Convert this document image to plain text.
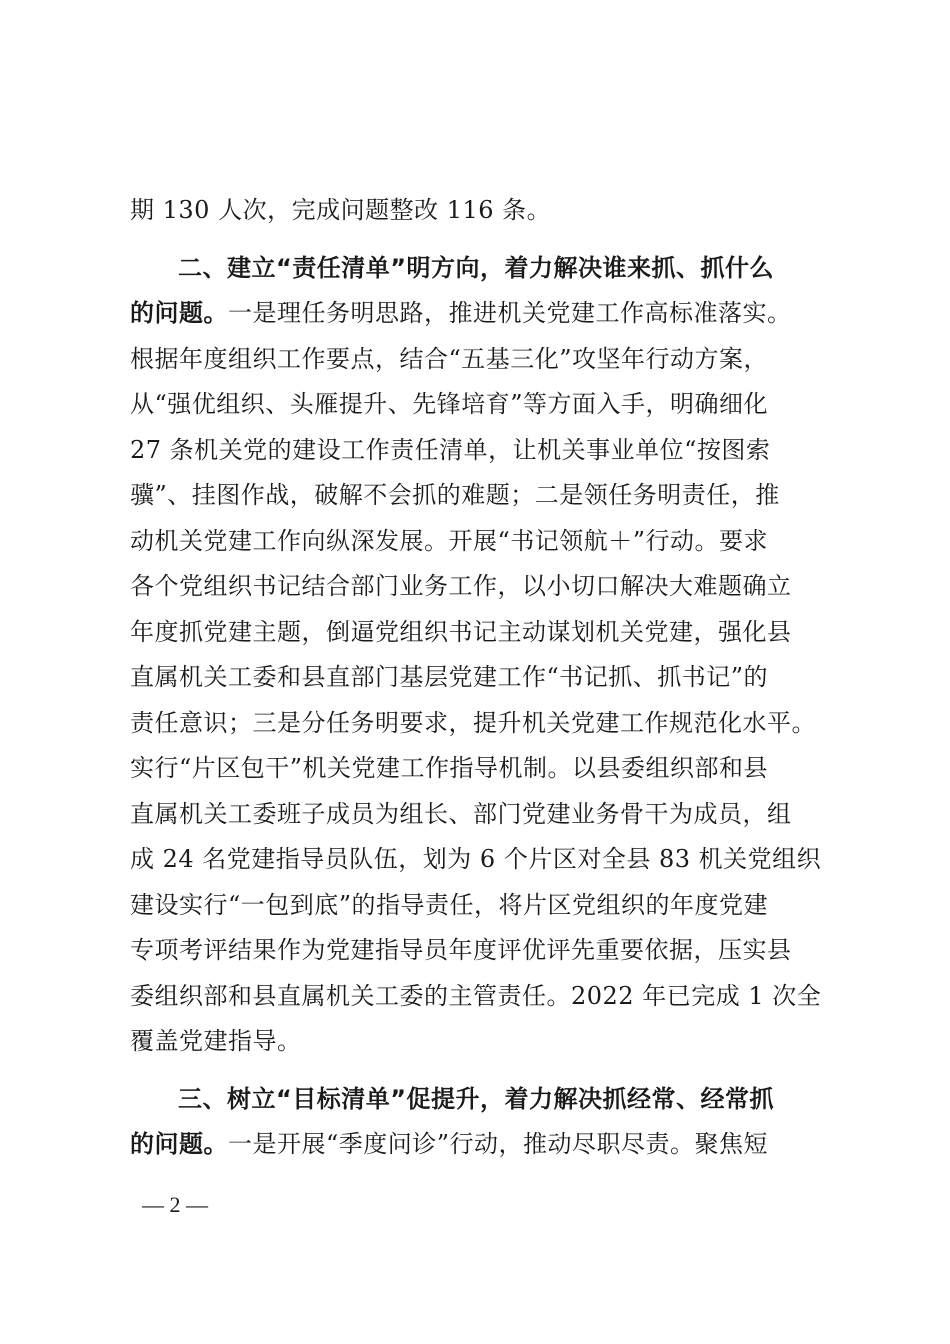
期 130 人次，完成问题整改 116 条。
二、建立“责任清单”明方向，着力解决谁来抓、抓什么
的问题。一是理任务明思路，推进机关党建工作高标准落实。
根据年度组织工作要点，结合“五基三化”攻坚年行动方案，
从“强优组织、头雁提升、先锋培育”等方面入手，明确细化
27 条机关党的建设工作责任清单，让机关事业单位“按图索
骥”、挂图作战，破解不会抓的难题；二是领任务明责任，推
动机关党建工作向纵深发展。开展“书记领航＋”行动。要求
各个党组织书记结合部门业务工作，以小切口解决大难题确立
年度抓党建主题，倒逼党组织书记主动谋划机关党建，强化县
直属机关工委和县直部门基层党建工作“书记抓、抓书记”的
责任意识；三是分任务明要求，提升机关党建工作规范化水平。
实行“片区包干”机关党建工作指导机制。以县委组织部和县
直属机关工委班子成员为组长、部门党建业务骨干为成员，组
成 24 名党建指导员队伍，划为 6 个片区对全县 83 机关党组织
建设实行“一包到底”的指导责任，将片区党组织的年度党建
专项考评结果作为党建指导员年度评优评先重要依据，压实县
委组织部和县直属机关工委的主管责任。2022 年已完成 1 次全
覆盖党建指导。
三、树立“目标清单”促提升，着力解决抓经常、经常抓
的问题。一是开展“季度问诊”行动，推动尽职尽责。聚焦短
— 2 —
